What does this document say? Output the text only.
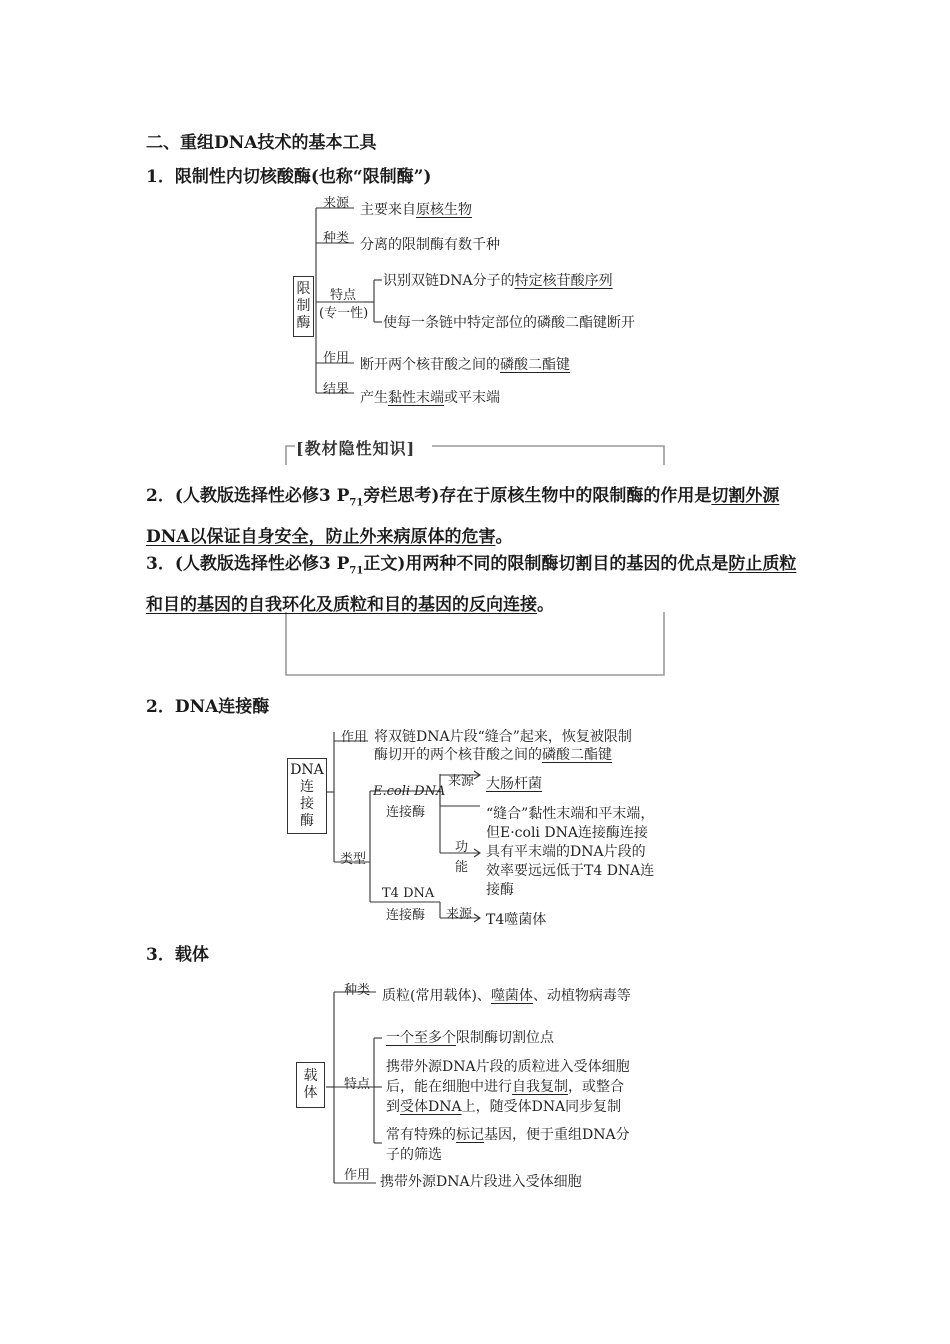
二、重组DNA技术的基本工具
1．限制性内切核酸酶(也称“限制酶”)
限制酶
来源 主要来自原核生物
种类 分离的限制酶有数千种
特点
(专一性)
识别双链DNA分子的特定核苷酸序列
使每一条链中特定部位的磷酸二酯键断开
作用 断开两个核苷酸之间的磷酸二酯键
结果
产生黏性末端或平末端
[教材隐性知识]
2．(人教版选择性必修3 $P_{71}$旁栏思考)存在于原核生物中的限制酶的作用是切割外源DNA以保证自身安全，防止外来病原体的危害。
3．(人教版选择性必修3 $P_{71}$正文)用两种不同的限制酶切割目的基因的优点是防止质粒和目的基因的自我环化及质粒和目的基因的反向连接。
2．DNA连接酶
DNA
连
接
酶
作用 将双链DNA片段“缝合”起来，恢复被限制
酶切开的两个核苷酸之间的磷酸二酯键
类型
E.coli DNA
连接酶
来源 大肠杆菌
功
能
“缝合”黏性末端和平末端，
但E·coli DNA连接酶连接
具有平末端的DNA片段的
效率要远远低于T4 DNA连
接酶
T4 DNA
连接酶 来源 T4噬菌体
3．载体
载
体
种类 质粒(常用载体)、噬菌体、动植物病毒等
特点
一个至多个限制酶切割位点
携带外源DNA片段的质粒进入受体细胞
后，能在细胞中进行自我复制，或整合
到受体DNA上，随受体DNA同步复制
常有特殊的标记基因，便于重组DNA分
子的筛选
作用 携带外源DNA片段进入受体细胞
